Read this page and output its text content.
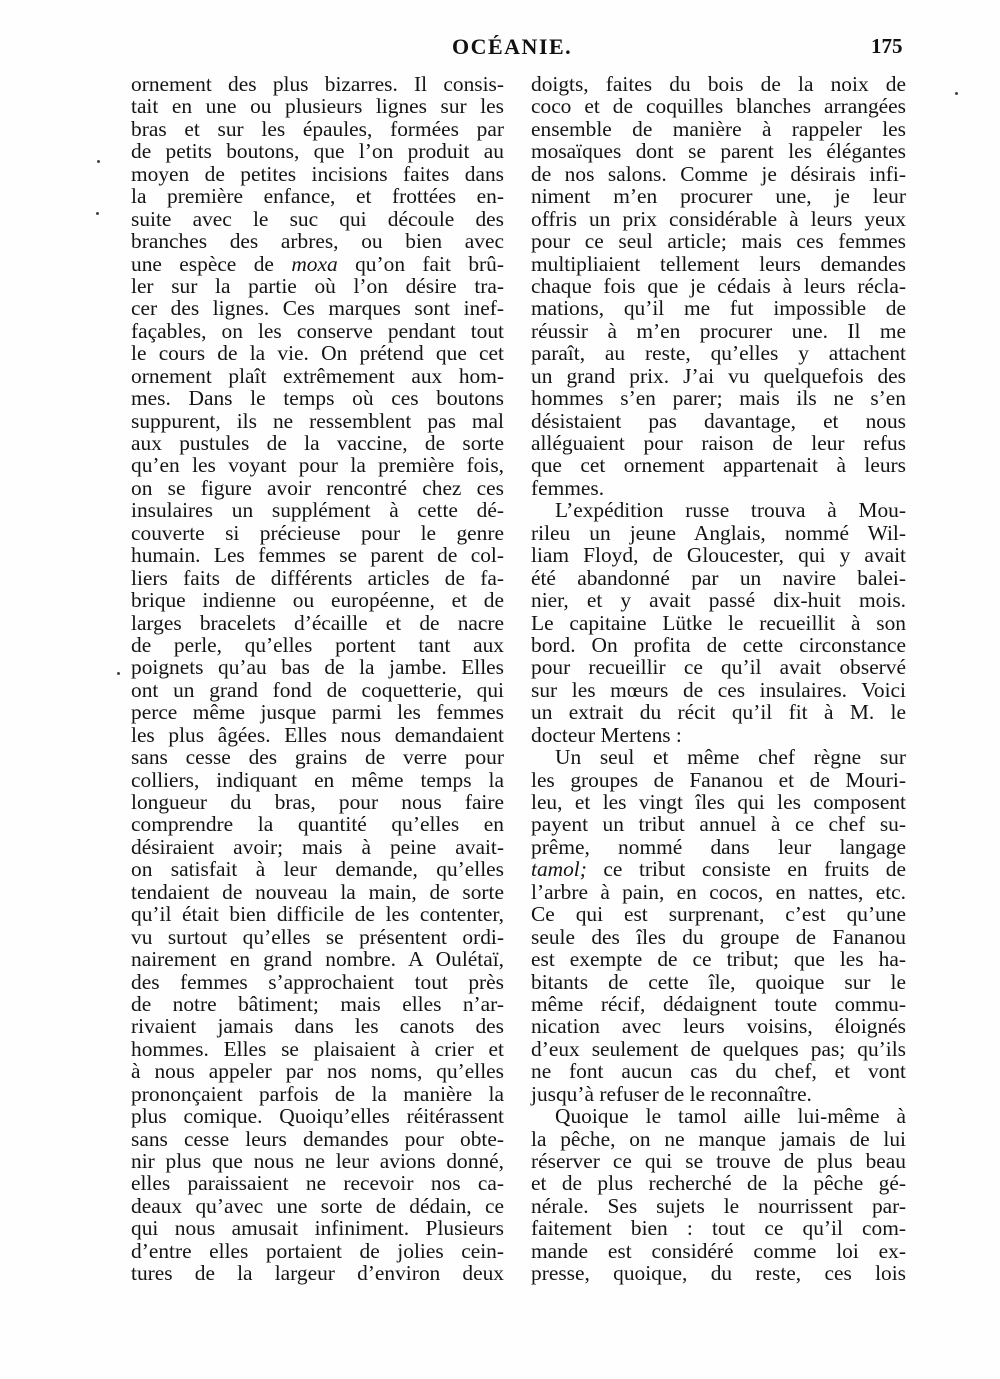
OCÉANIE.	175
ornement des plus bizarres. Il consis-
tait en une ou plusieurs lignes sur les
bras et sur les épaules, formées par
de petits boutons, que l’on produit au
moyen de petites incisions faites dans
la première enfance, et frottées en-
suite avec le suc qui découle des
branches des arbres, ou bien avec
une espèce de moxa qu’on fait brû-
ler sur la partie où l’on désire tra-
cer des lignes. Ces marques sont inef-
façables, on les conserve pendant tout
le cours de la vie. On prétend que cet
ornement plaît extrêmement aux hom-
mes. Dans le temps où ces boutons
suppurent, ils ne ressemblent pas mal
aux pustules de la vaccine, de sorte
qu’en les voyant pour la première fois,
on se figure avoir rencontré chez ces
insulaires un supplément à cette dé-
couverte si précieuse pour le genre
humain. Les femmes se parent de col-
liers faits de différents articles de fa-
brique indienne ou européenne, et de
larges bracelets d’écaille et de nacre
de perle, qu’elles portent tant aux
poignets qu’au bas de la jambe. Elles
ont un grand fond de coquetterie, qui
perce même jusque parmi les femmes
les plus âgées. Elles nous demandaient
sans cesse des grains de verre pour
colliers, indiquant en même temps la
longueur du bras, pour nous faire
comprendre la quantité qu’elles en
désiraient avoir; mais à peine avait-
on satisfait à leur demande, qu’elles
tendaient de nouveau la main, de sorte
qu’il était bien difficile de les contenter,
vu surtout qu’elles se présentent ordi-
nairement en grand nombre. A Oulétaï,
des femmes s’approchaient tout près
de notre bâtiment; mais elles n’ar-
rivaient jamais dans les canots des
hommes. Elles se plaisaient à crier et
à nous appeler par nos noms, qu’elles
prononçaient parfois de la manière la
plus comique. Quoiqu’elles réitérassent
sans cesse leurs demandes pour obte-
nir plus que nous ne leur avions donné,
elles paraissaient ne recevoir nos ca-
deaux qu’avec une sorte de dédain, ce
qui nous amusait infiniment. Plusieurs
d’entre elles portaient de jolies cein-
tures de la largeur d’environ deux
doigts, faites du bois de la noix de
coco et de coquilles blanches arrangées
ensemble de manière à rappeler les
mosaïques dont se parent les élégantes
de nos salons. Comme je désirais infi-
niment m’en procurer une, je leur
offris un prix considérable à leurs yeux
pour ce seul article; mais ces femmes
multipliaient tellement leurs demandes
chaque fois que je cédais à leurs récla-
mations, qu’il me fut impossible de
réussir à m’en procurer une. Il me
paraît, au reste, qu’elles y attachent
un grand prix. J’ai vu quelquefois des
hommes s’en parer; mais ils ne s’en
désistaient pas davantage, et nous
alléguaient pour raison de leur refus
que cet ornement appartenait à leurs
femmes.
L’expédition russe trouva à Mou-
rileu un jeune Anglais, nommé Wil-
liam Floyd, de Gloucester, qui y avait
été abandonné par un navire balei-
nier, et y avait passé dix-huit mois.
Le capitaine Lütke le recueillit à son
bord. On profita de cette circonstance
pour recueillir ce qu’il avait observé
sur les mœurs de ces insulaires. Voici
un extrait du récit qu’il fit à M. le
docteur Mertens :
Un seul et même chef règne sur
les groupes de Fananou et de Mouri-
leu, et les vingt îles qui les composent
payent un tribut annuel à ce chef su-
prême, nommé dans leur langage
tamol; ce tribut consiste en fruits de
l’arbre à pain, en cocos, en nattes, etc.
Ce qui est surprenant, c’est qu’une
seule des îles du groupe de Fananou
est exempte de ce tribut; que les ha-
bitants de cette île, quoique sur le
même récif, dédaignent toute commu-
nication avec leurs voisins, éloignés
d’eux seulement de quelques pas; qu’ils
ne font aucun cas du chef, et vont
jusqu’à refuser de le reconnaître.
Quoique le tamol aille lui-même à
la pêche, on ne manque jamais de lui
réserver ce qui se trouve de plus beau
et de plus recherché de la pêche gé-
nérale. Ses sujets le nourrissent par-
faitement bien : tout ce qu’il com-
mande est considéré comme loi ex-
presse, quoique, du reste, ces lois
